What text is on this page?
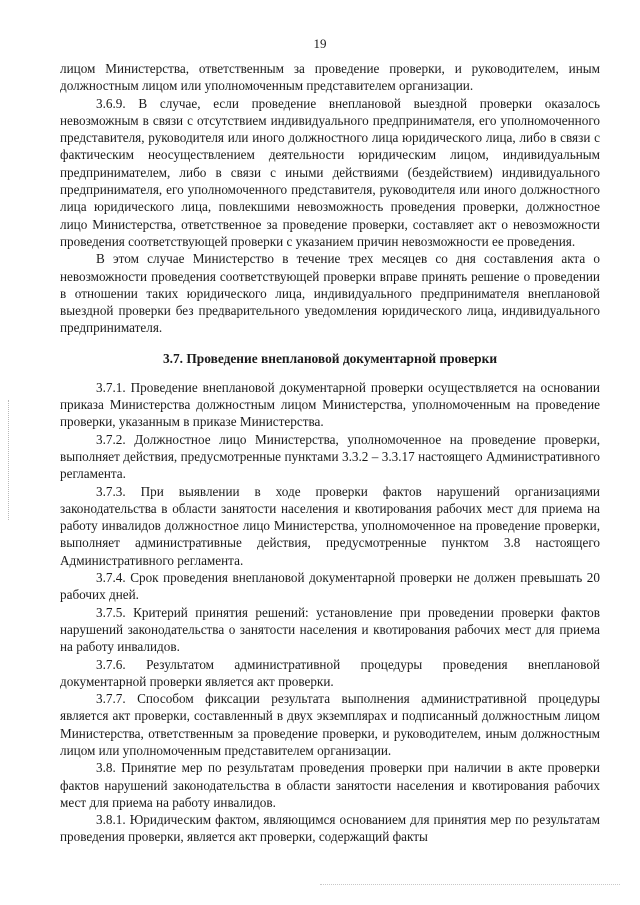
19

лицом Министерства, ответственным за проведение проверки, и руководителем, иным должностным лицом или уполномоченным представителем организации.

3.6.9. В случае, если проведение внеплановой выездной проверки оказалось невозможным в связи с отсутствием индивидуального предпринимателя, его уполномоченного представителя, руководителя или иного должностного лица юридического лица, либо в связи с фактическим неосуществлением деятельности юридическим лицом, индивидуальным предпринимателем, либо в связи с иными действиями (бездействием) индивидуального предпринимателя, его уполномоченного представителя, руководителя или иного должностного лица юридического лица, повлекшими невозможность проведения проверки, должностное лицо Министерства, ответственное за проведение проверки, составляет акт о невозможности проведения соответствующей проверки с указанием причин невозможности ее проведения.

В этом случае Министерство в течение трех месяцев со дня составления акта о невозможности проведения соответствующей проверки вправе принять решение о проведении в отношении таких юридического лица, индивидуального предпринимателя внеплановой выездной проверки без предварительного уведомления юридического лица, индивидуального предпринимателя.

3.7. Проведение внеплановой документарной проверки

3.7.1. Проведение внеплановой документарной проверки осуществляется на основании приказа Министерства должностным лицом Министерства, уполномоченным на проведение проверки, указанным в приказе Министерства.

3.7.2. Должностное лицо Министерства, уполномоченное на проведение проверки, выполняет действия, предусмотренные пунктами 3.3.2 – 3.3.17 настоящего Административного регламента.

3.7.3. При выявлении в ходе проверки фактов нарушений организациями законодательства в области занятости населения и квотирования рабочих мест для приема на работу инвалидов должностное лицо Министерства, уполномоченное на проведение проверки, выполняет административные действия, предусмотренные пунктом 3.8 настоящего Административного регламента.

3.7.4. Срок проведения внеплановой документарной проверки не должен превышать 20 рабочих дней.

3.7.5. Критерий принятия решений: установление при проведении проверки фактов нарушений законодательства о занятости населения и квотирования рабочих мест для приема на работу инвалидов.

3.7.6. Результатом административной процедуры проведения внеплановой документарной проверки является акт проверки.

3.7.7. Способом фиксации результата выполнения административной процедуры является акт проверки, составленный в двух экземплярах и подписанный должностным лицом Министерства, ответственным за проведение проверки, и руководителем, иным должностным лицом или уполномоченным представителем организации.

3.8. Принятие мер по результатам проведения проверки при наличии в акте проверки фактов нарушений законодательства в области занятости населения и квотирования рабочих мест для приема на работу инвалидов.

3.8.1. Юридическим фактом, являющимся основанием для принятия мер по результатам проведения проверки, является акт проверки, содержащий факты
